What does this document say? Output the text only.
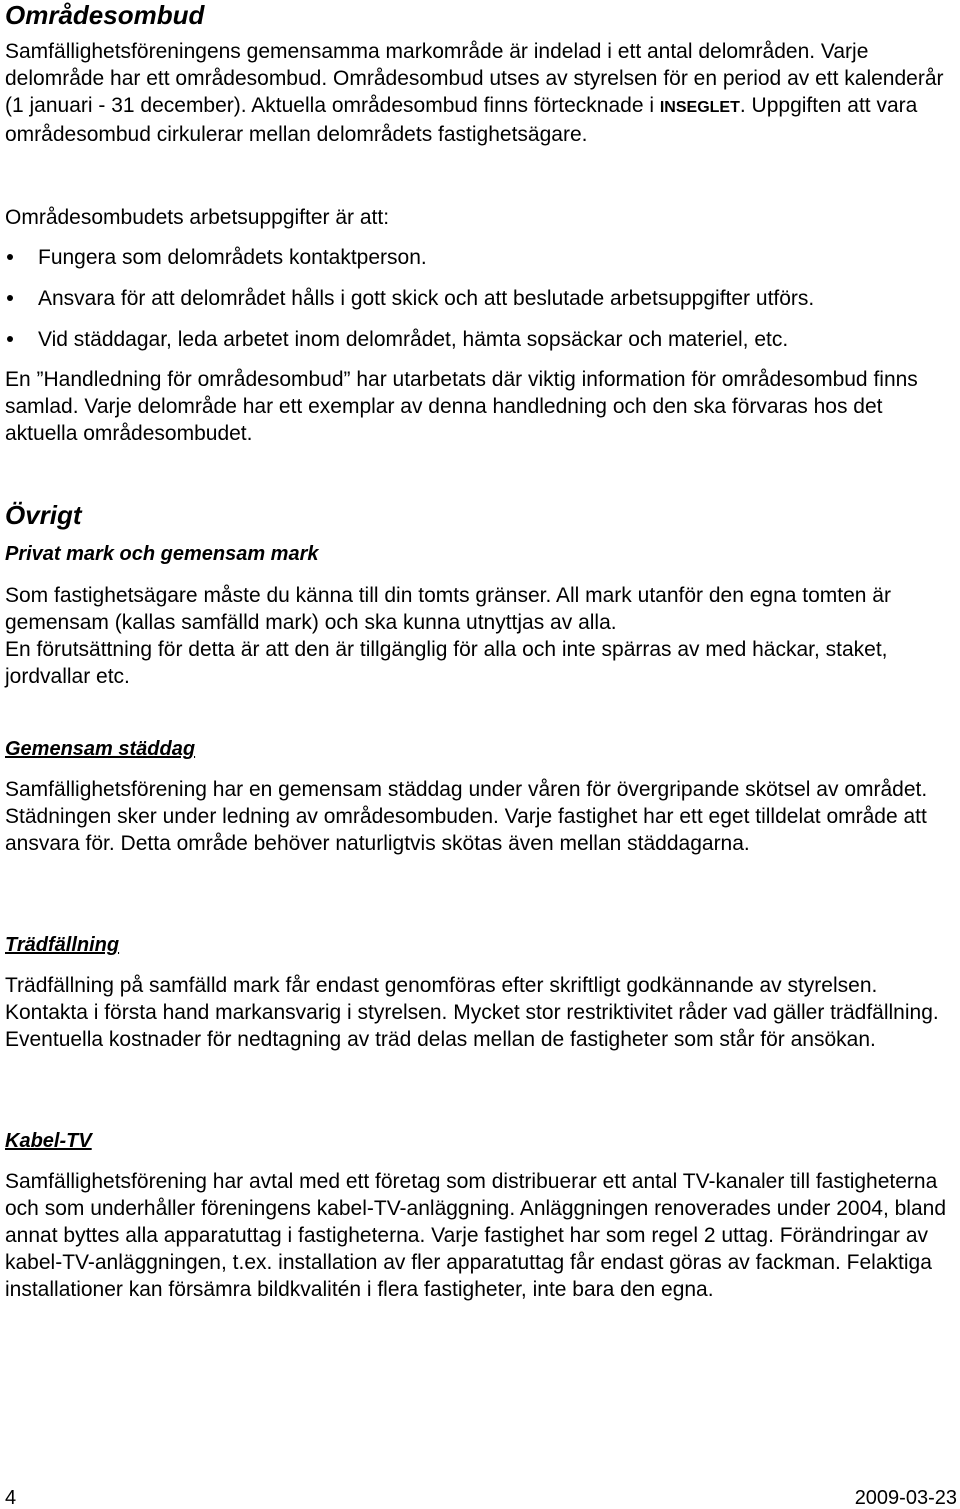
Områdesombud

Samfällighetsföreningens gemensamma markområde är indelad i ett antal delområden. Varje delområde har ett områdesombud. Områdesombud utses av styrelsen för en period av ett kalenderår (1 januari - 31 december). Aktuella områdesombud finns förtecknade i INSEGLET. Uppgiften att vara områdesombud cirkulerar mellan delområdets fastighetsägare.

Områdesombudets arbetsuppgifter är att:

Fungera som delområdets kontaktperson.
Ansvara för att delområdet hålls i gott skick och att beslutade arbetsuppgifter utförs.
Vid städdagar, leda arbetet inom delområdet, hämta sopsäckar och materiel, etc.

En ”Handledning för områdesombud” har utarbetats där viktig information för områdesombud finns samlad. Varje delområde har ett exemplar av denna handledning och den ska förvaras hos det aktuella områdesombudet.

Övrigt
Privat mark och gemensam mark

Som fastighetsägare måste du känna till din tomts gränser. All mark utanför den egna tomten är gemensam (kallas samfälld mark) och ska kunna utnyttjas av alla.

En förutsättning för detta är att den är tillgänglig för alla och inte spärras av med häckar, staket, jordvallar etc.

Gemensam städdag

Samfällighetsförening har en gemensam städdag under våren för övergripande skötsel av området. Städningen sker under ledning av områdesombuden. Varje fastighet har ett eget tilldelat område att ansvara för. Detta område behöver naturligtvis skötas även mellan städdagarna.

Trädfällning

Trädfällning på samfälld mark får endast genomföras efter skriftligt godkännande av styrelsen. Kontakta i första hand markansvarig i styrelsen. Mycket stor restriktivitet råder vad gäller trädfällning. Eventuella kostnader för nedtagning av träd delas mellan de fastigheter som står för ansökan.

Kabel-TV

Samfällighetsförening har avtal med ett företag som distribuerar ett antal TV-kanaler till fastigheterna och som underhåller föreningens kabel-TV-anläggning. Anläggningen renoverades under 2004, bland annat byttes alla apparatuttag i fastigheterna. Varje fastighet har som regel 2 uttag. Förändringar av kabel-TV-anläggningen, t.ex. installation av fler apparatuttag får endast göras av fackman. Felaktiga installationer kan försämra bildkvalitén i flera fastigheter, inte bara den egna.

4	2009-03-23
